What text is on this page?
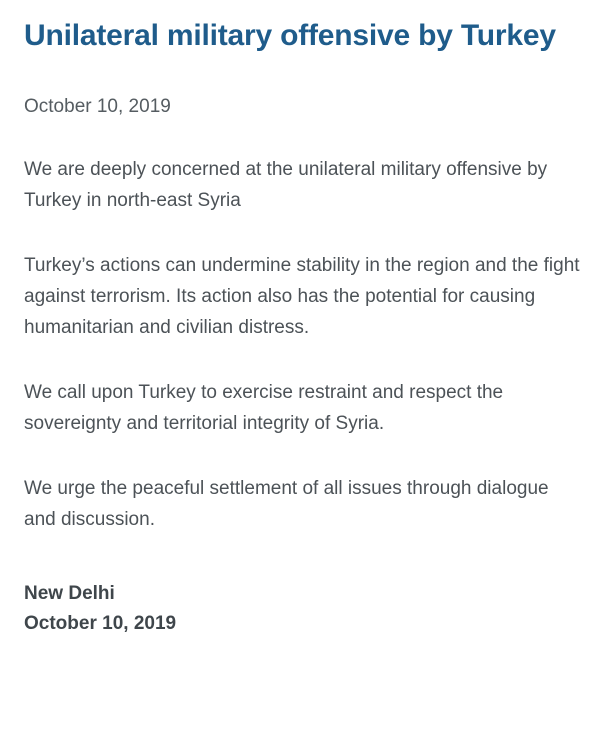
Unilateral military offensive by Turkey

October 10, 2019

We are deeply concerned at the unilateral military offensive by Turkey in north-east Syria

Turkey’s actions can undermine stability in the region and the fight against terrorism. Its action also has the potential for causing humanitarian and civilian distress.

We call upon Turkey to exercise restraint and respect the sovereignty and territorial integrity of Syria.

We urge the peaceful settlement of all issues through dialogue and discussion.

New Delhi
October 10, 2019
